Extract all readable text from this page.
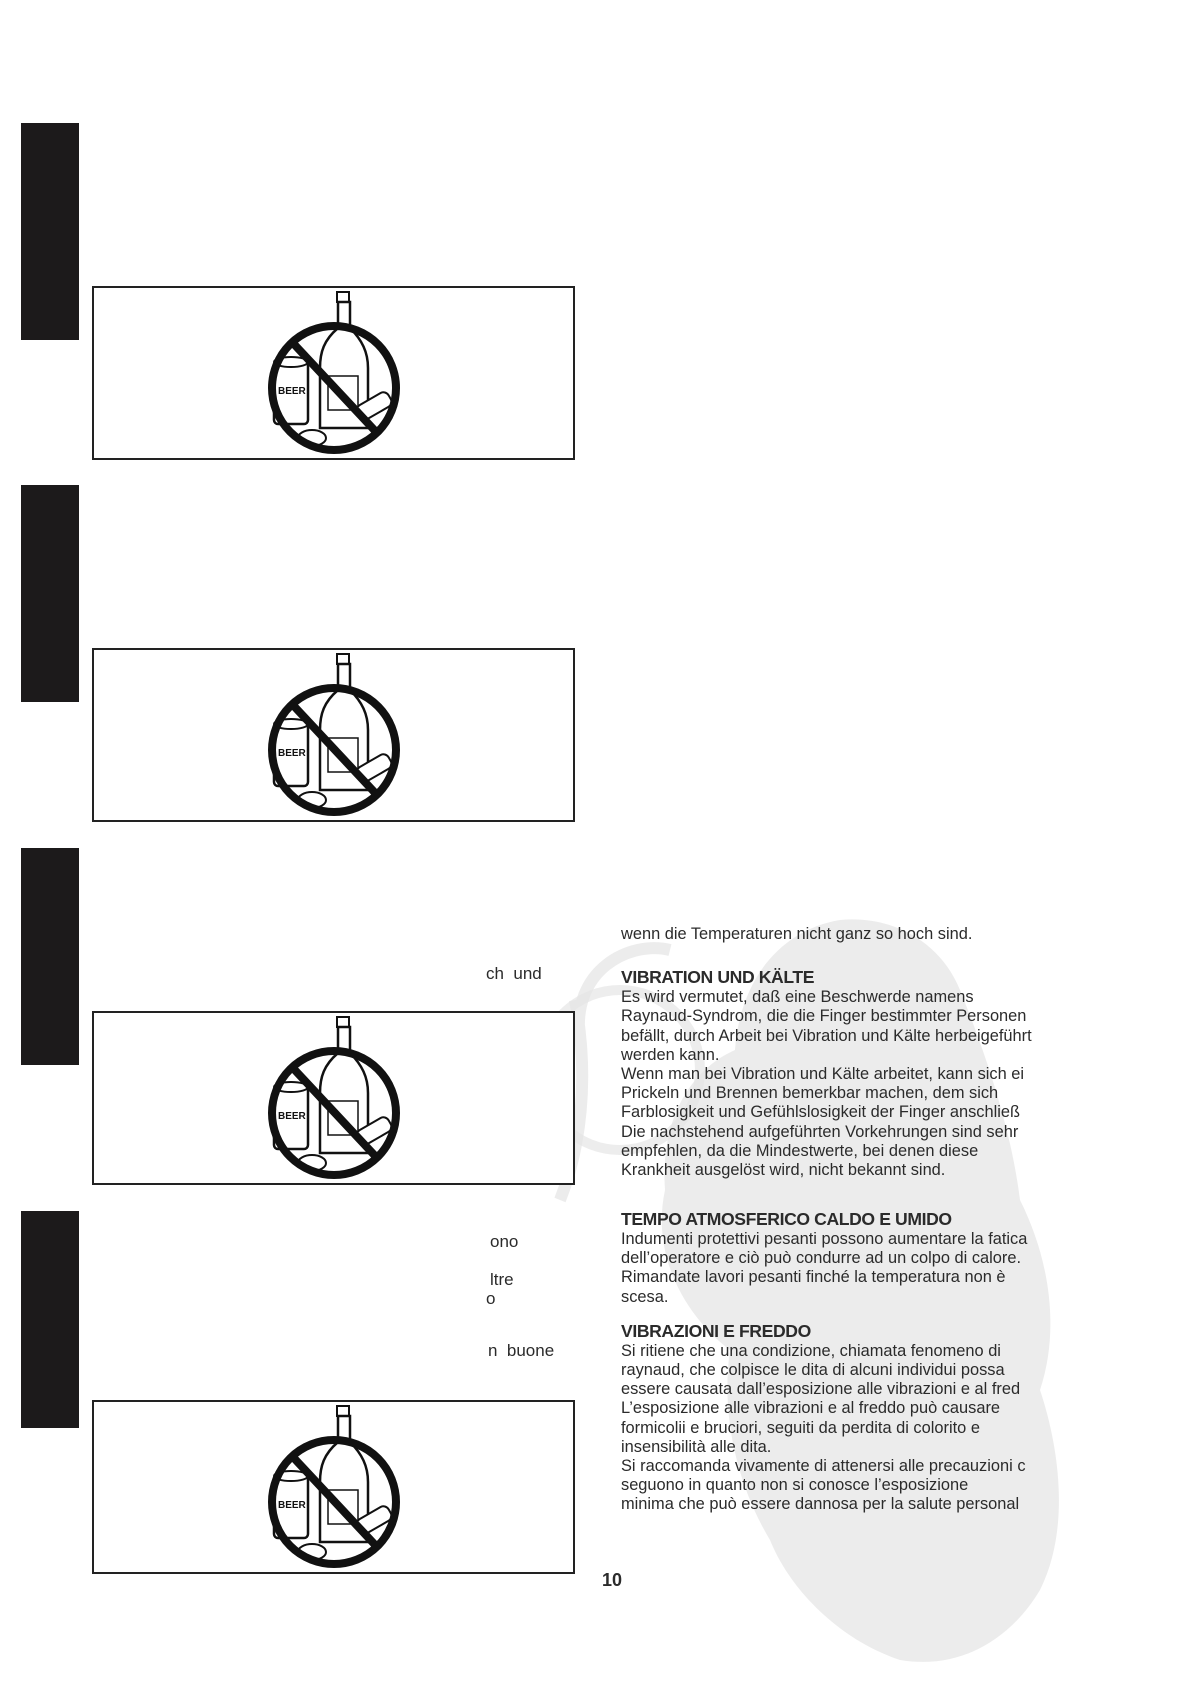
BEER
BEER
BEER
BEER
ch  und
ono
ltre
o
n  buone

wenn die Temperaturen nicht ganz so hoch sind.

VIBRATION UND KÄLTE

Es wird vermutet, daß eine Beschwerde namens

Raynaud-Syndrom, die die Finger bestimmter Personen

befällt, durch Arbeit bei Vibration und Kälte herbeigeführt

werden kann.

Wenn man bei Vibration und Kälte arbeitet, kann sich ei

Prickeln und Brennen bemerkbar machen, dem sich

Farblosigkeit und Gefühlslosigkeit der Finger anschließ

Die nachstehend aufgeführten Vorkehrungen sind sehr

empfehlen, da die Mindestwerte, bei denen diese

Krankheit ausgelöst wird, nicht bekannt sind.

TEMPO ATMOSFERICO CALDO E UMIDO

Indumenti protettivi pesanti possono aumentare la fatica

dell’operatore e ciò può condurre ad un colpo di calore.

Rimandate lavori pesanti finché la temperatura non è

scesa.

VIBRAZIONI E FREDDO

Si ritiene che una condizione, chiamata fenomeno di

raynaud, che colpisce le dita di alcuni individui possa

essere causata dall’esposizione alle vibrazioni e al fred

L’esposizione alle vibrazioni e al freddo può causare

formicolii e bruciori, seguiti da perdita di colorito e

insensibilità alle dita.

Si raccomanda vivamente di attenersi alle precauzioni c

seguono in quanto non si conosce l’esposizione

minima che può essere dannosa per la salute personal

10
